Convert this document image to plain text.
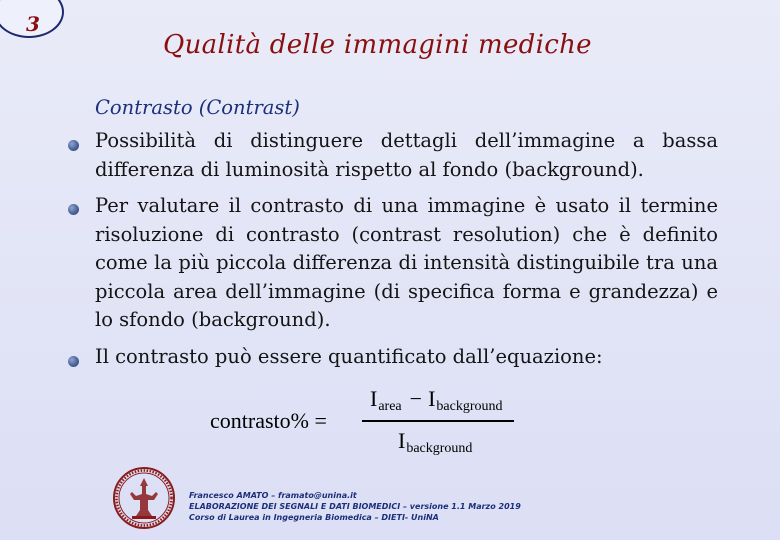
3
Qualità delle immagini mediche
Contrasto (Contrast)
Possibilità di distinguere dettagli dell’immagine a bassa differenza di luminosità rispetto al fondo (background).
Per valutare il contrasto di una immagine è usato il termine risoluzione di contrasto (contrast resolution) che è definito come la più piccola differenza di intensità distinguibile tra una piccola area dell’immagine (di specifica forma e grandezza) e lo sfondo (background).
Il contrasto può essere quantificato dall’equazione:
contrasto% =
Iarea − Ibackground
Ibackground
Francesco AMATO – framato@unina.it
ELABORAZIONE DEI SEGNALI E DATI BIOMEDICI – versione 1.1 Marzo 2019
Corso di Laurea in Ingegneria Biomedica – DIETI- UniNA
